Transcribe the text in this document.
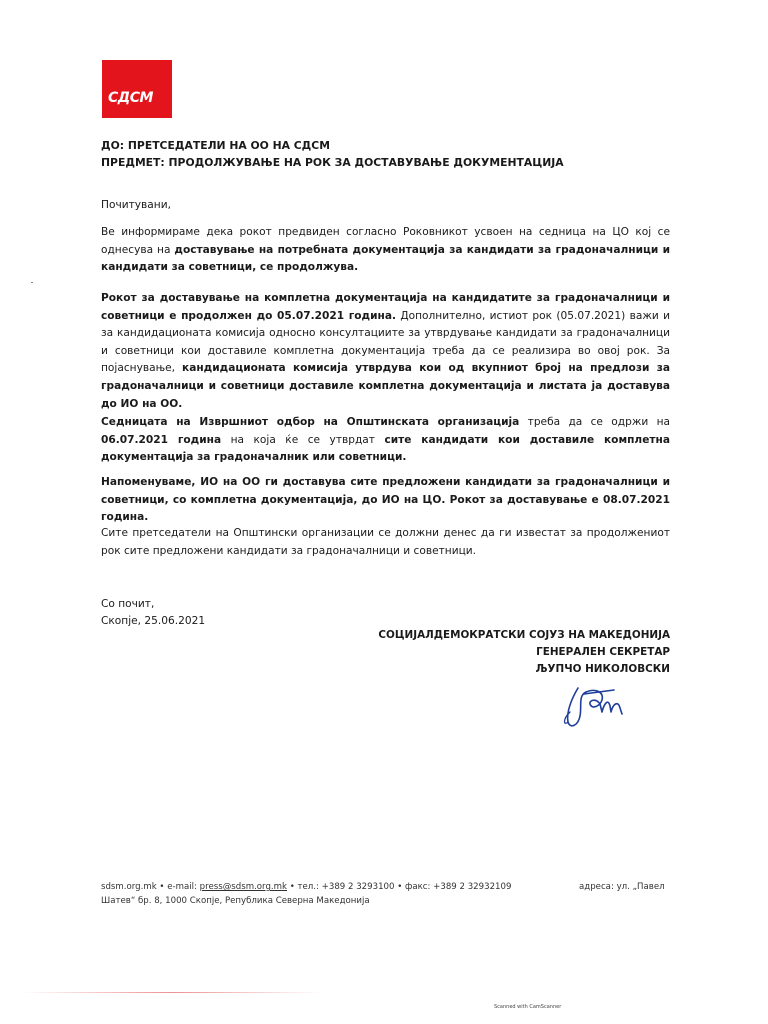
СДСМ
ДО: ПРЕТСЕДАТЕЛИ НА ОО НА СДСМ
ПРЕДМЕТ: ПРОДОЛЖУВАЊЕ НА РОК ЗА ДОСТАВУВАЊЕ ДОКУМЕНТАЦИЈА
Почитувани,

Ве информираме дека рокот предвиден согласно Роковникот усвоен на седница на ЦО кој се однесува на доставување на потребната документација за кандидати за градоначалници и кандидати за советници, се продолжува.

Рокот за доставување на комплетна документација на кандидатите за градоначалници и советници е продолжен до 05.07.2021 година. Дополнително, истиот рок (05.07.2021) важи и за кандидационата комисија односно консултациите за утврдување кандидати за градоначалници и советници кои доставиле комплетна документација треба да се реализира во овој рок. За појаснување, кандидационата комисија утврдува кои од вкупниот број на предлози за градоначалници и советници доставиле комплетна документација и листата ја доставува до ИО на ОО.

Седницата на Извршниот одбор на Општинската организација треба да се одржи на 06.07.2021 година на која ќе се утврдат сите кандидати кои доставиле комплетна документација за градоначалник или советници.

Напоменуваме, ИО на ОО ги доставува сите предложени кандидати за градоначалници и советници, со комплетна документација, до ИО на ЦО. Рокот за доставување е 08.07.2021 година.

Сите претседатели на Општински организации се должни денес да ги известат за продолжениот рок сите предложени кандидати за градоначалници и советници.

Со почит,
Скопје, 25.06.2021
СОЦИЈАЛДЕМОКРАТСКИ СОЈУЗ НА МАКЕДОНИЈА
ГЕНЕРАЛЕН СЕКРЕТАР
ЉУПЧО НИКОЛОВСКИ
sdsm.org.mk • e-mail: press@sdsm.org.mk • тел.: +389 2 3293100 • факс: +389 2 32932109	адреса: ул. „Павел
Шатев“ бр. 8, 1000 Скопје, Република Северна Македонија
Scanned with CamScanner
